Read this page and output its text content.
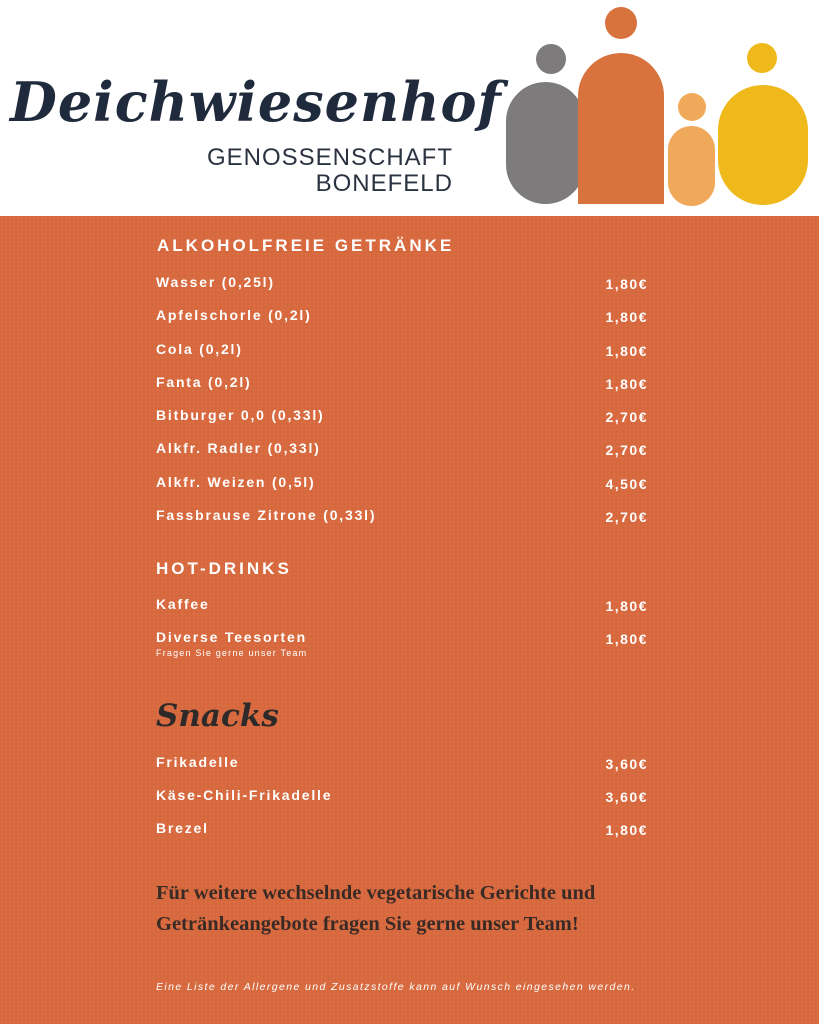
Deichwiesenhof
GENOSSENSCHAFT
BONEFELD
ALKOHOLFREIE GETRÄNKE
Wasser (0,25l)	1,80€
Apfelschorle (0,2l)	1,80€
Cola (0,2l)	1,80€
Fanta (0,2l)	1,80€
Bitburger 0,0 (0,33l)	2,70€
Alkfr. Radler (0,33l)	2,70€
Alkfr. Weizen (0,5l)	4,50€
Fassbrause Zitrone (0,33l)	2,70€
HOT-DRINKS
Kaffee	1,80€
Diverse Teesorten	1,80€
Fragen Sie gerne unser Team
Snacks
Frikadelle	3,60€
Käse-Chili-Frikadelle	3,60€
Brezel	1,80€
Für weitere wechselnde vegetarische Gerichte und Getränkeangebote fragen Sie gerne unser Team!
Eine Liste der Allergene und Zusatzstoffe kann auf Wunsch eingesehen werden.
